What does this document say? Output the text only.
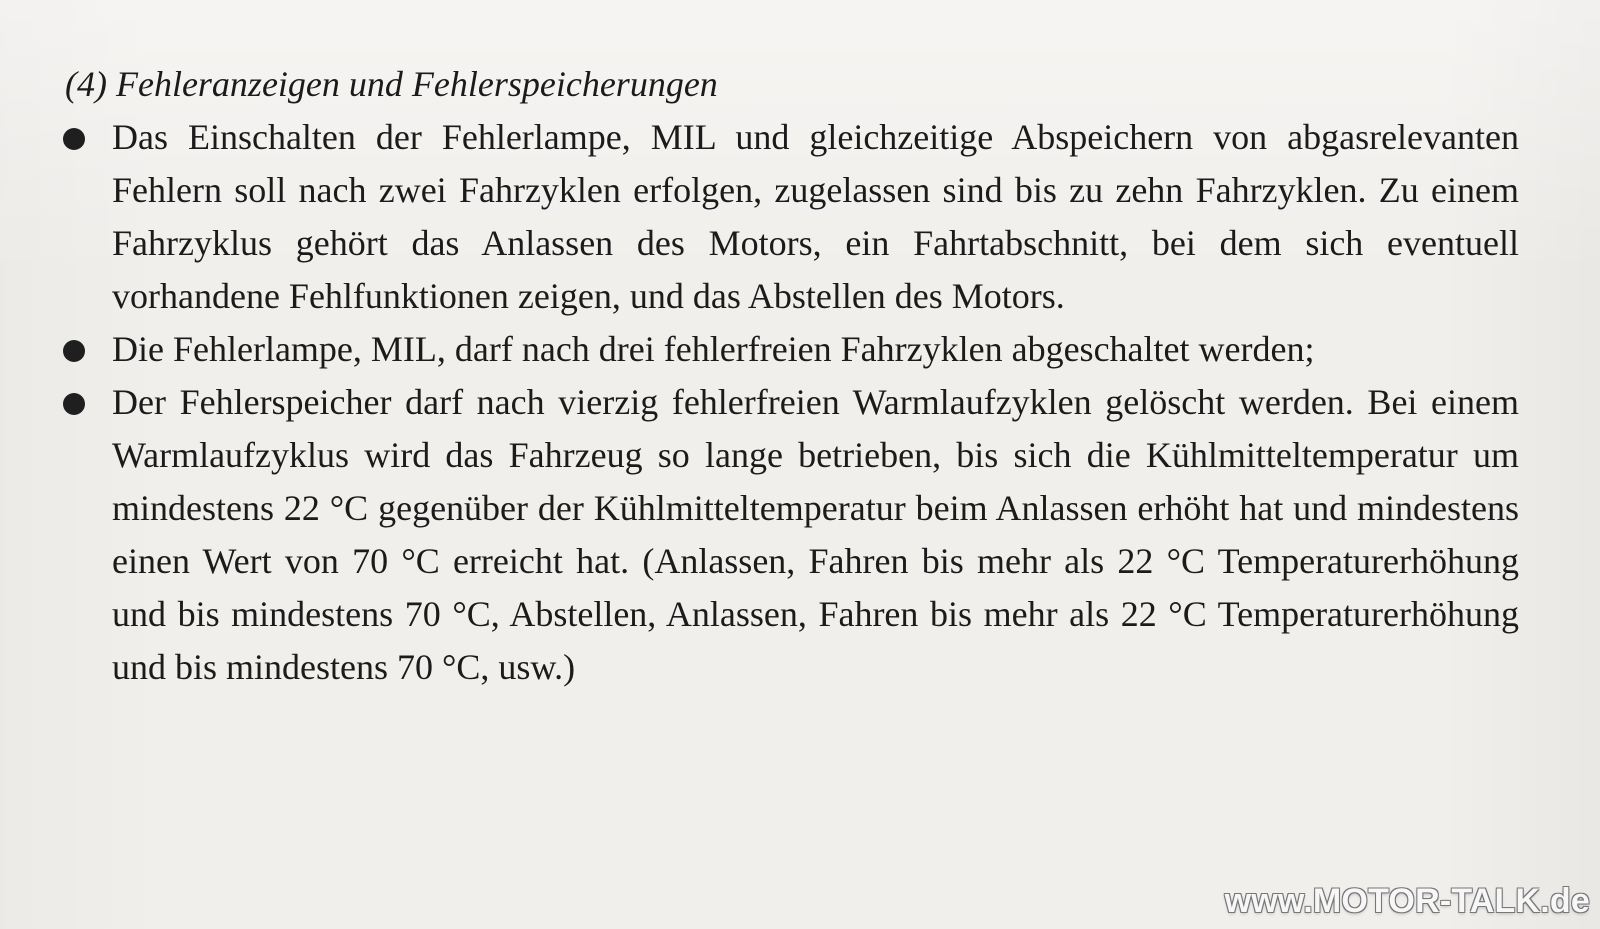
(4) Fehleranzeigen und Fehlerspeicherungen
Das Einschalten der Fehlerlampe, MIL und gleichzeitige Abspeichern von abgasrelevanten Fehlern soll nach zwei Fahrzyklen erfolgen, zugelassen sind bis zu zehn Fahrzyklen. Zu einem Fahrzyklus gehört das Anlassen des Motors, ein Fahrtabschnitt, bei dem sich eventuell vorhandene Fehlfunktionen zeigen, und das Abstellen des Motors.
Die Fehlerlampe, MIL, darf nach drei fehlerfreien Fahrzyklen abgeschaltet werden;
Der Fehlerspeicher darf nach vierzig fehlerfreien Warmlaufzyklen gelöscht werden. Bei einem Warmlaufzyklus wird das Fahrzeug so lange betrieben, bis sich die Kühlmitteltemperatur um mindestens 22 °C gegenüber der Kühlmitteltemperatur beim Anlassen erhöht hat und mindestens einen Wert von 70 °C erreicht hat. (Anlassen, Fahren bis mehr als 22 °C Temperaturerhöhung und bis mindestens 70 °C, Abstellen, Anlassen, Fahren bis mehr als 22 °C Temperaturerhöhung und bis mindestens 70 °C, usw.)
www.MOTOR-TALK.de
